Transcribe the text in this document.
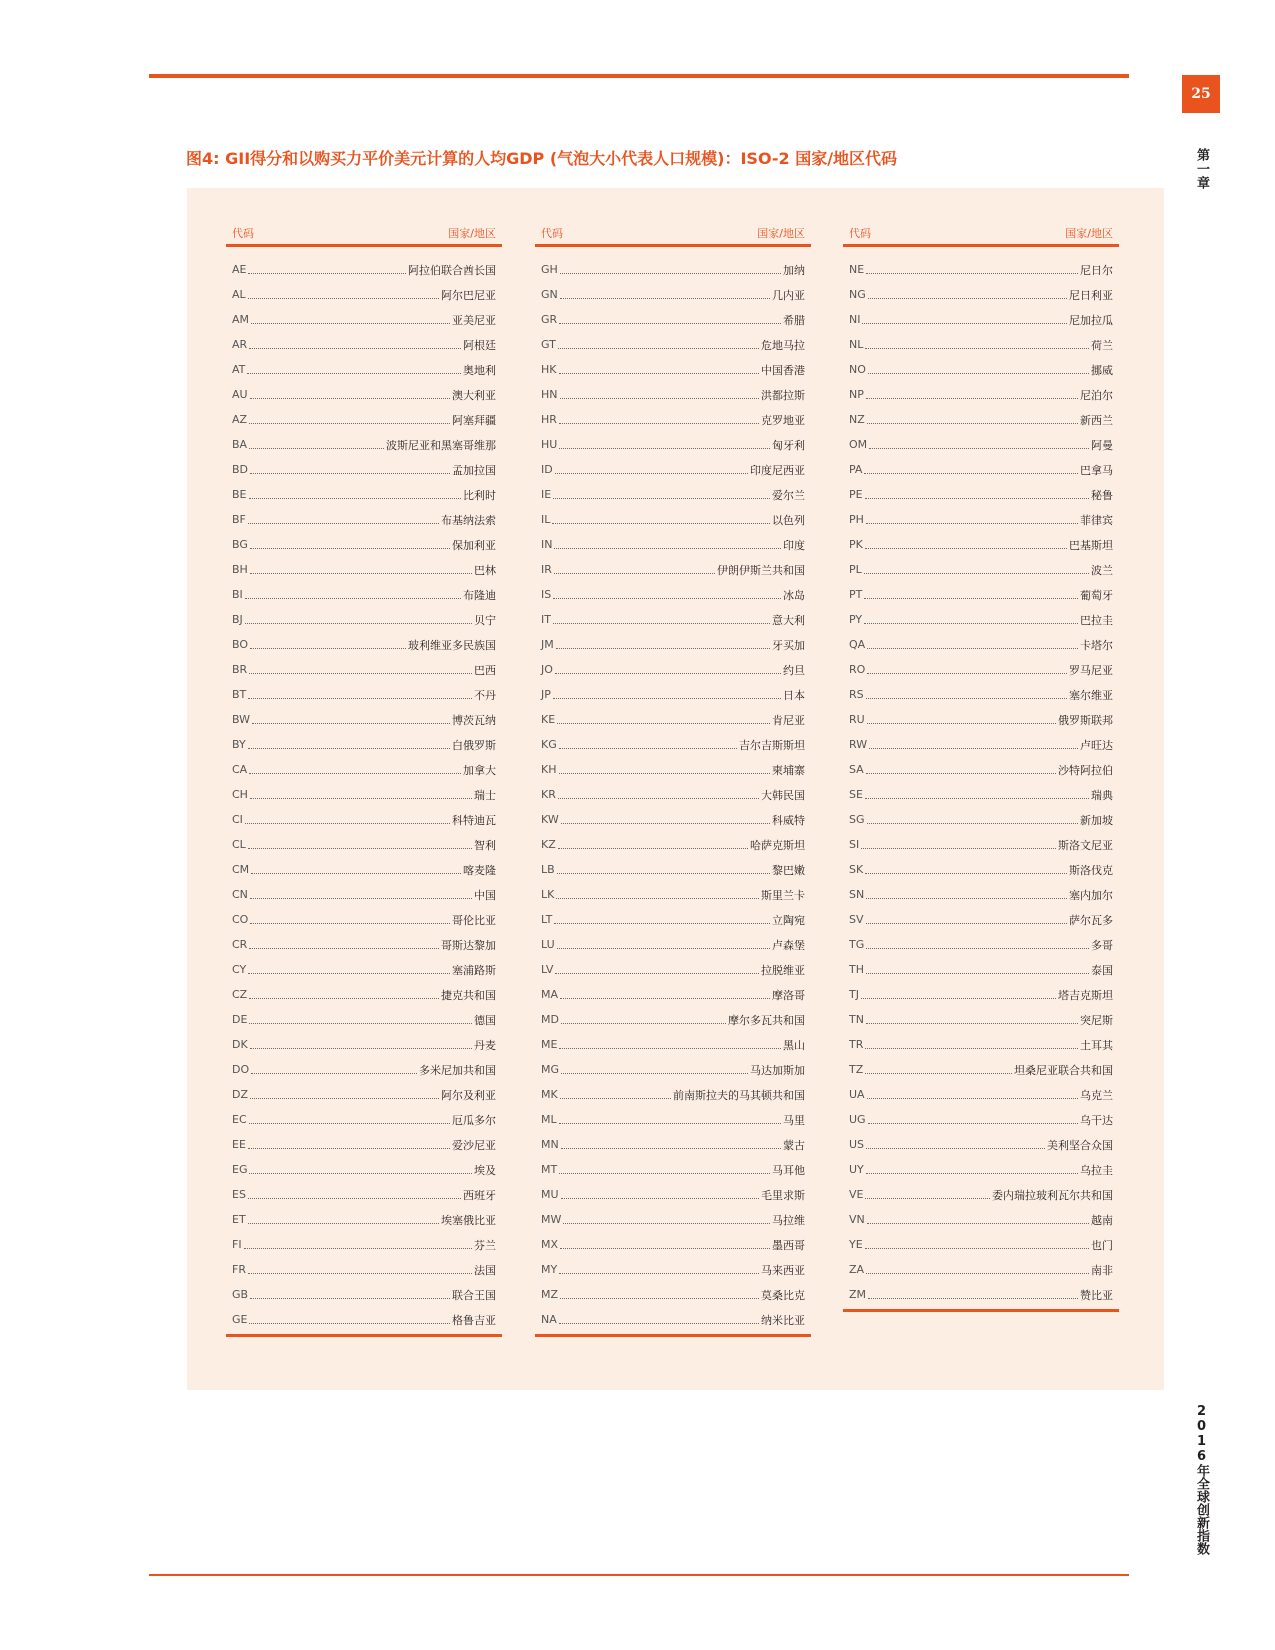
25
第一章
2016年全球创新指数
图4: GII得分和以购买力平价美元计算的人均GDP (气泡大小代表人口规模)：ISO-2 国家/地区代码
代码	国家/地区
AE	阿拉伯联合酋长国
AL	阿尔巴尼亚
AM	亚美尼亚
AR	阿根廷
AT	奥地利
AU	澳大利亚
AZ	阿塞拜疆
BA	波斯尼亚和黑塞哥维那
BD	孟加拉国
BE	比利时
BF	布基纳法索
BG	保加利亚
BH	巴林
BI	布隆迪
BJ	贝宁
BO	玻利维亚多民族国
BR	巴西
BT	不丹
BW	博茨瓦纳
BY	白俄罗斯
CA	加拿大
CH	瑞士
CI	科特迪瓦
CL	智利
CM	喀麦隆
CN	中国
CO	哥伦比亚
CR	哥斯达黎加
CY	塞浦路斯
CZ	捷克共和国
DE	德国
DK	丹麦
DO	多米尼加共和国
DZ	阿尔及利亚
EC	厄瓜多尔
EE	爱沙尼亚
EG	埃及
ES	西班牙
ET	埃塞俄比亚
FI	芬兰
FR	法国
GB	联合王国
GE	格鲁吉亚
代码	国家/地区
GH	加纳
GN	几内亚
GR	希腊
GT	危地马拉
HK	中国香港
HN	洪都拉斯
HR	克罗地亚
HU	匈牙利
ID	印度尼西亚
IE	爱尔兰
IL	以色列
IN	印度
IR	伊朗伊斯兰共和国
IS	冰岛
IT	意大利
JM	牙买加
JO	约旦
JP	日本
KE	肯尼亚
KG	吉尔吉斯斯坦
KH	柬埔寨
KR	大韩民国
KW	科威特
KZ	哈萨克斯坦
LB	黎巴嫩
LK	斯里兰卡
LT	立陶宛
LU	卢森堡
LV	拉脱维亚
MA	摩洛哥
MD	摩尔多瓦共和国
ME	黑山
MG	马达加斯加
MK	前南斯拉夫的马其顿共和国
ML	马里
MN	蒙古
MT	马耳他
MU	毛里求斯
MW	马拉维
MX	墨西哥
MY	马来西亚
MZ	莫桑比克
NA	纳米比亚
代码	国家/地区
NE	尼日尔
NG	尼日利亚
NI	尼加拉瓜
NL	荷兰
NO	挪威
NP	尼泊尔
NZ	新西兰
OM	阿曼
PA	巴拿马
PE	秘鲁
PH	菲律宾
PK	巴基斯坦
PL	波兰
PT	葡萄牙
PY	巴拉圭
QA	卡塔尔
RO	罗马尼亚
RS	塞尔维亚
RU	俄罗斯联邦
RW	卢旺达
SA	沙特阿拉伯
SE	瑞典
SG	新加坡
SI	斯洛文尼亚
SK	斯洛伐克
SN	塞内加尔
SV	萨尔瓦多
TG	多哥
TH	泰国
TJ	塔吉克斯坦
TN	突尼斯
TR	土耳其
TZ	坦桑尼亚联合共和国
UA	乌克兰
UG	乌干达
US	美利坚合众国
UY	乌拉圭
VE	委内瑞拉玻利瓦尔共和国
VN	越南
YE	也门
ZA	南非
ZM	赞比亚
